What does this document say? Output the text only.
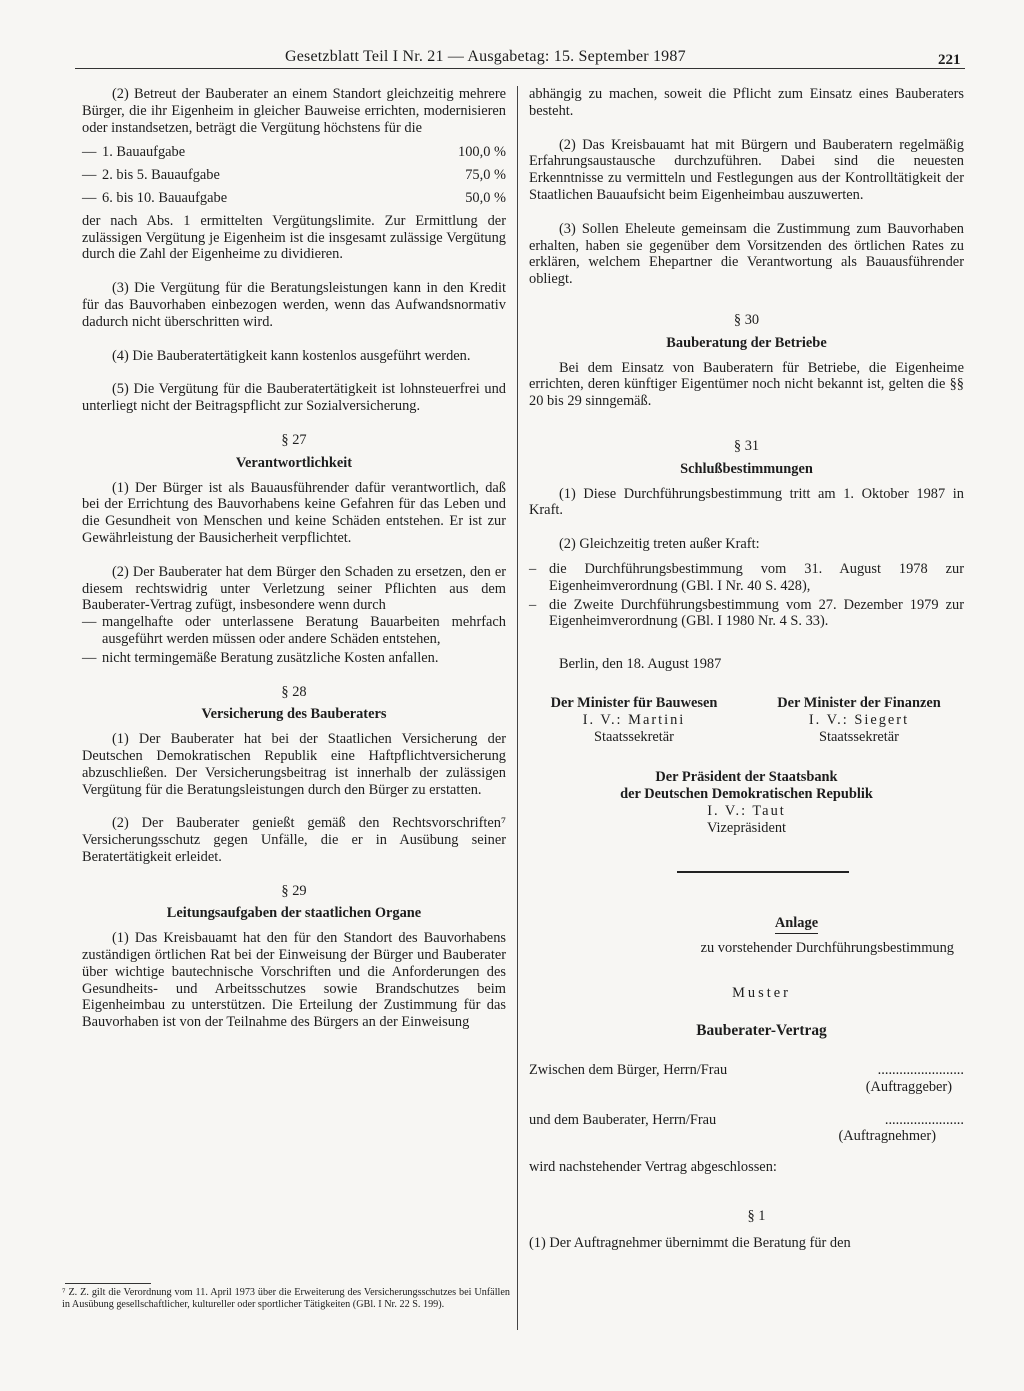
Gesetzblatt Teil I Nr. 21 — Ausgabetag: 15. September 1987	221

(2) Betreut der Bauberater an einem Standort gleichzeitig mehrere Bürger, die ihr Eigenheim in gleicher Bauweise errichten, modernisieren oder instandsetzen, beträgt die Vergütung höchstens für die

— 1. Bauaufgabe	100,0 %
— 2. bis 5. Bauaufgabe	75,0 %
— 6. bis 10. Bauaufgabe	50,0 %

der nach Abs. 1 ermittelten Vergütungslimite. Zur Ermittlung der zulässigen Vergütung je Eigenheim ist die insgesamt zulässige Vergütung durch die Zahl der Eigenheime zu dividieren.

(3) Die Vergütung für die Beratungsleistungen kann in den Kredit für das Bauvorhaben einbezogen werden, wenn das Aufwandsnormativ dadurch nicht überschritten wird.

(4) Die Bauberatertätigkeit kann kostenlos ausgeführt werden.

(5) Die Vergütung für die Bauberatertätigkeit ist lohnsteuerfrei und unterliegt nicht der Beitragspflicht zur Sozialversicherung.

§ 27
Verantwortlichkeit

(1) Der Bürger ist als Bauausführender dafür verantwortlich, daß bei der Errichtung des Bauvorhabens keine Gefahren für das Leben und die Gesundheit von Menschen und keine Schäden entstehen. Er ist zur Gewährleistung der Bausicherheit verpflichtet.

(2) Der Bauberater hat dem Bürger den Schaden zu ersetzen, den er diesem rechtswidrig unter Verletzung seiner Pflichten aus dem Bauberater-Vertrag zufügt, insbesondere wenn durch

— mangelhafte oder unterlassene Beratung Bauarbeiten mehrfach ausgeführt werden müssen oder andere Schäden entstehen,
— nicht termingemäße Beratung zusätzliche Kosten anfallen.
§ 28
Versicherung des Bauberaters

(1) Der Bauberater hat bei der Staatlichen Versicherung der Deutschen Demokratischen Republik eine Haftpflichtversicherung abzuschließen. Der Versicherungsbeitrag ist innerhalb der zulässigen Vergütung für die Beratungsleistungen durch den Bürger zu erstatten.

(2) Der Bauberater genießt gemäß den Rechtsvorschriften⁷ Versicherungsschutz gegen Unfälle, die er in Ausübung seiner Beratertätigkeit erleidet.

§ 29
Leitungsaufgaben der staatlichen Organe

(1) Das Kreisbauamt hat den für den Standort des Bauvorhabens zuständigen örtlichen Rat bei der Einweisung der Bürger und Bauberater über wichtige bautechnische Vorschriften und die Anforderungen des Gesundheits- und Arbeitsschutzes sowie Brandschutzes beim Eigenheimbau zu unterstützen. Die Erteilung der Zustimmung für das Bauvorhaben ist von der Teilnahme des Bürgers an der Einweisung

⁷ Z. Z. gilt die Verordnung vom 11. April 1973 über die Erweiterung des Versicherungsschutzes bei Unfällen in Ausübung gesellschaftlicher, kultureller oder sportlicher Tätigkeiten (GBl. I Nr. 22 S. 199).

abhängig zu machen, soweit die Pflicht zum Einsatz eines Bauberaters besteht.

(2) Das Kreisbauamt hat mit Bürgern und Bauberatern regelmäßig Erfahrungsaustausche durchzuführen. Dabei sind die neuesten Erkenntnisse zu vermitteln und Festlegungen aus der Kontrolltätigkeit der Staatlichen Bauaufsicht beim Eigenheimbau auszuwerten.

(3) Sollen Eheleute gemeinsam die Zustimmung zum Bauvorhaben erhalten, haben sie gegenüber dem Vorsitzenden des örtlichen Rates zu erklären, welchem Ehepartner die Verantwortung als Bauausführender obliegt.

§ 30
Bauberatung der Betriebe

Bei dem Einsatz von Bauberatern für Betriebe, die Eigenheime errichten, deren künftiger Eigentümer noch nicht bekannt ist, gelten die §§ 20 bis 29 sinngemäß.

§ 31
Schlußbestimmungen

(1) Diese Durchführungsbestimmung tritt am 1. Oktober 1987 in Kraft.

(2) Gleichzeitig treten außer Kraft:

– die Durchführungsbestimmung vom 31. August 1978 zur Eigenheimverordnung (GBl. I Nr. 40 S. 428),
– die Zweite Durchführungsbestimmung vom 27. Dezember 1979 zur Eigenheimverordnung (GBl. I 1980 Nr. 4 S. 33).

Berlin, den 18. August 1987

Der Minister für Bauwesen
I. V.: Martini
Staatssekretär
Der Minister der Finanzen
I. V.: Siegert
Staatssekretär
Der Präsident der Staatsbank
der Deutschen Demokratischen Republik
I. V.: Taut
Vizepräsident
Anlage
zu vorstehender Durchführungsbestimmung
Muster
Bauberater-Vertrag
Zwischen dem Bürger, Herrn/Frau	........................
(Auftraggeber)
und dem Bauberater, Herrn/Frau	......................
(Auftragnehmer)
wird nachstehender Vertrag abgeschlossen:
§ 1
(1) Der Auftragnehmer übernimmt die Beratung für den
